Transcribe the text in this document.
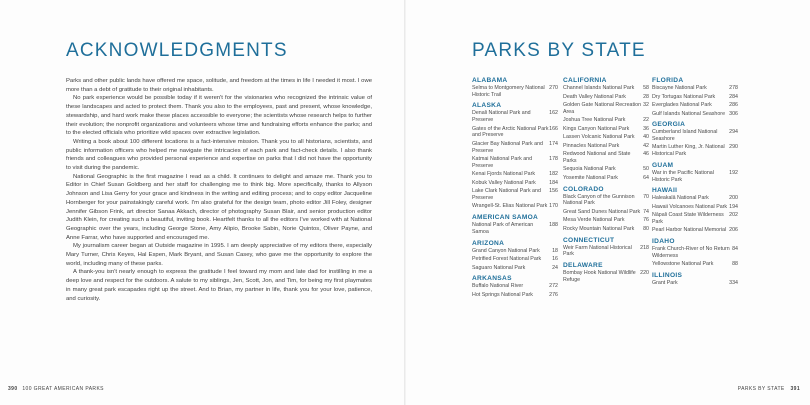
ACKNOWLEDGMENTS

Parks and other public lands have offered me space, solitude, and freedom at the times in life I needed it most. I owe more than a debt of gratitude to their original inhabitants.

No park experience would be possible today if it weren't for the visionaries who recognized the intrinsic value of these landscapes and acted to protect them. Thank you also to the employees, past and present, whose knowledge, stewardship, and hard work make these places accessible to everyone; the scientists whose research helps to further their evolution; the nonprofit organizations and volunteers whose time and fundraising efforts enhance the parks; and to the elected officials who prioritize wild spaces over extractive legislation.

Writing a book about 100 different locations is a fact-intensive mission. Thank you to all historians, scientists, and public information officers who helped me navigate the intricacies of each park and fact-check details. I also thank friends and colleagues who provided personal experience and expertise on parks that I did not have the opportunity to visit during the pandemic.

National Geographic is the first magazine I read as a child. It continues to delight and amaze me. Thank you to Editor in Chief Susan Goldberg and her staff for challenging me to think big. More specifically, thanks to Allyson Johnson and Lisa Gerry for your grace and kindness in the writing and editing process; and to copy editor Jacqueline Hornberger for your painstakingly careful work. I'm also grateful for the design team, photo editor Jill Foley, designer Jennifer Gibson Frink, art director Sanaa Akkach, director of photography Susan Blair, and senior production editor Judith Klein, for creating such a beautiful, inviting book. Heartfelt thanks to all the editors I've worked with at National Geographic over the years, including George Stone, Amy Alipio, Brooke Sabin, Norie Quintos, Oliver Payne, and Anne Farrar, who have supported and encouraged me.

My journalism career began at Outside magazine in 1995. I am deeply appreciative of my editors there, especially Mary Turner, Chris Keyes, Hal Espen, Mark Bryant, and Susan Casey, who gave me the opportunity to explore the world, including many of these parks.

A thank-you isn't nearly enough to express the gratitude I feel toward my mom and late dad for instilling in me a deep love and respect for the outdoors. A salute to my siblings, Jen, Scott, Jon, and Tim, for being my first playmates in many great park escapades right up the street. And to Brian, my partner in life, thank you for your love, patience, and curiosity.

PARKS BY STATE
ALABAMA
270
Selma to Montgomery National Historic Trail
ALASKA
162
Denali National Park and Preserve
166
Gates of the Arctic National Park and Preserve
174
Glacier Bay National Park and Preserve
178
Katmai National Park and Preserve
182
Kenai Fjords National Park
184
Kobuk Valley National Park
156
Lake Clark National Park and Preserve
170
Wrangell-St. Elias National Park
AMERICAN SAMOA
188
National Park of American Samoa
ARIZONA
18
Grand Canyon National Park
16
Petrified Forest National Park
24
Saguaro National Park
ARKANSAS
272
Buffalo National River
276
Hot Springs National Park
CALIFORNIA
58
Channel Islands National Park
28
Death Valley National Park
32
Golden Gate National Recreation Area
22
Joshua Tree National Park
36
Kings Canyon National Park
40
Lassen Volcanic National Park
42
Pinnacles National Park
46
Redwood National and State Parks
50
Sequoia National Park
64
Yosemite National Park
COLORADO
70
Black Canyon of the Gunnison National Park
74
Great Sand Dunes National Park
76
Mesa Verde National Park
80
Rocky Mountain National Park
CONNECTICUT
218
Weir Farm National Historical Park
DELAWARE
220
Bombay Hook National Wildlife Refuge
FLORIDA
278
Biscayne National Park
284
Dry Tortugas National Park
286
Everglades National Park
306
Gulf Islands National Seashore
GEORGIA
294
Cumberland Island National Seashore
290
Martin Luther King, Jr. National Historical Park
GUAM
192
War in the Pacific National Historic Park
HAWAII
200
Haleakalā National Park
194
Hawaii Volcanoes National Park
202
Nāpali Coast State Wilderness Park
206
Pearl Harbor National Memorial
IDAHO
84
Frank Church-River of No Return Wilderness
88
Yellowstone National Park
ILLINOIS
334
Grant Park
390 100 GREAT AMERICAN PARKS	PARKS BY STATE 391
